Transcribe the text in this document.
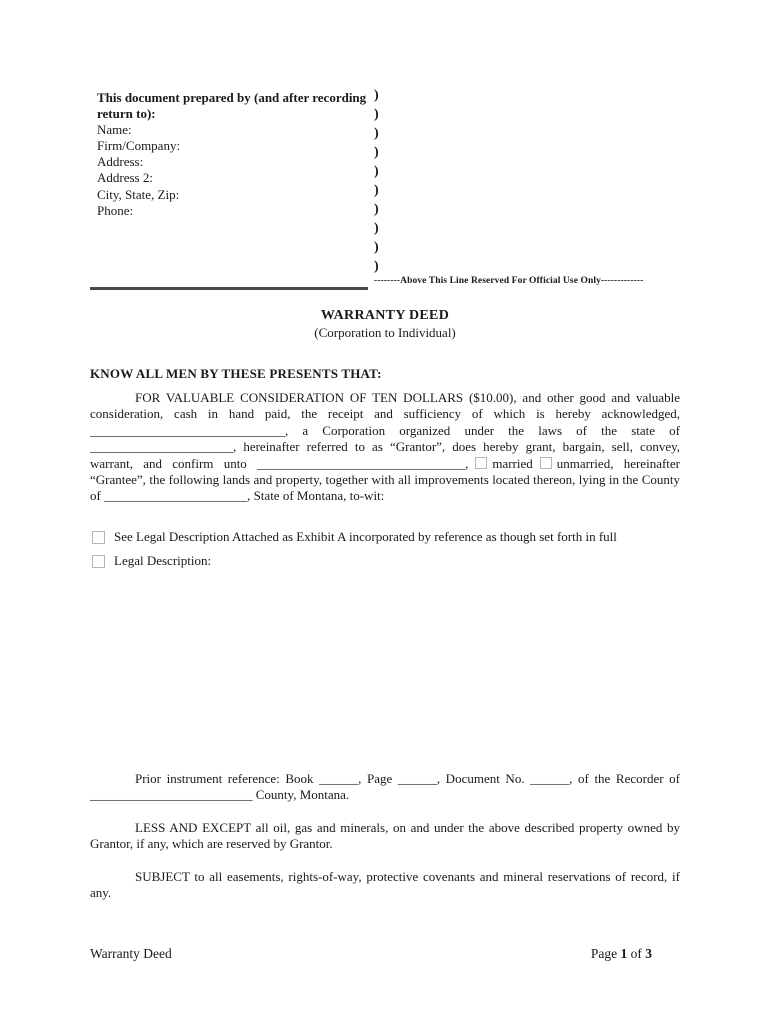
This document prepared by (and after recording
return to):
Name:
Firm/Company:
Address:
Address 2:
City, State, Zip:
Phone:
)
)
)
)
)
)
)
)
)
)
--------Above This Line Reserved For Official Use Only-------------
WARRANTY DEED
(Corporation to Individual)
KNOW ALL MEN BY THESE PRESENTS THAT:

FOR VALUABLE CONSIDERATION OF TEN DOLLARS ($10.00), and other good and valuable consideration, cash in hand paid, the receipt and sufficiency of which is hereby acknowledged, ______________________________, a Corporation organized under the laws of the state of ______________________, hereinafter referred to as “Grantor”, does hereby grant, bargain, sell, convey, warrant, and confirm unto ________________________________, married unmarried, hereinafter “Grantee”, the following lands and property, together with all improvements located thereon, lying in the County of ______________________, State of Montana, to-wit:

See Legal Description Attached as Exhibit A incorporated by reference as though set forth in full
Legal Description:

Prior instrument reference: Book ______, Page ______, Document No. ______, of the Recorder of _________________________ County, Montana.

LESS AND EXCEPT all oil, gas and minerals, on and under the above described property owned by Grantor, if any, which are reserved by Grantor.

SUBJECT to all easements, rights-of-way, protective covenants and mineral reservations of record, if any.

Warranty Deed	Page 1 of 3
